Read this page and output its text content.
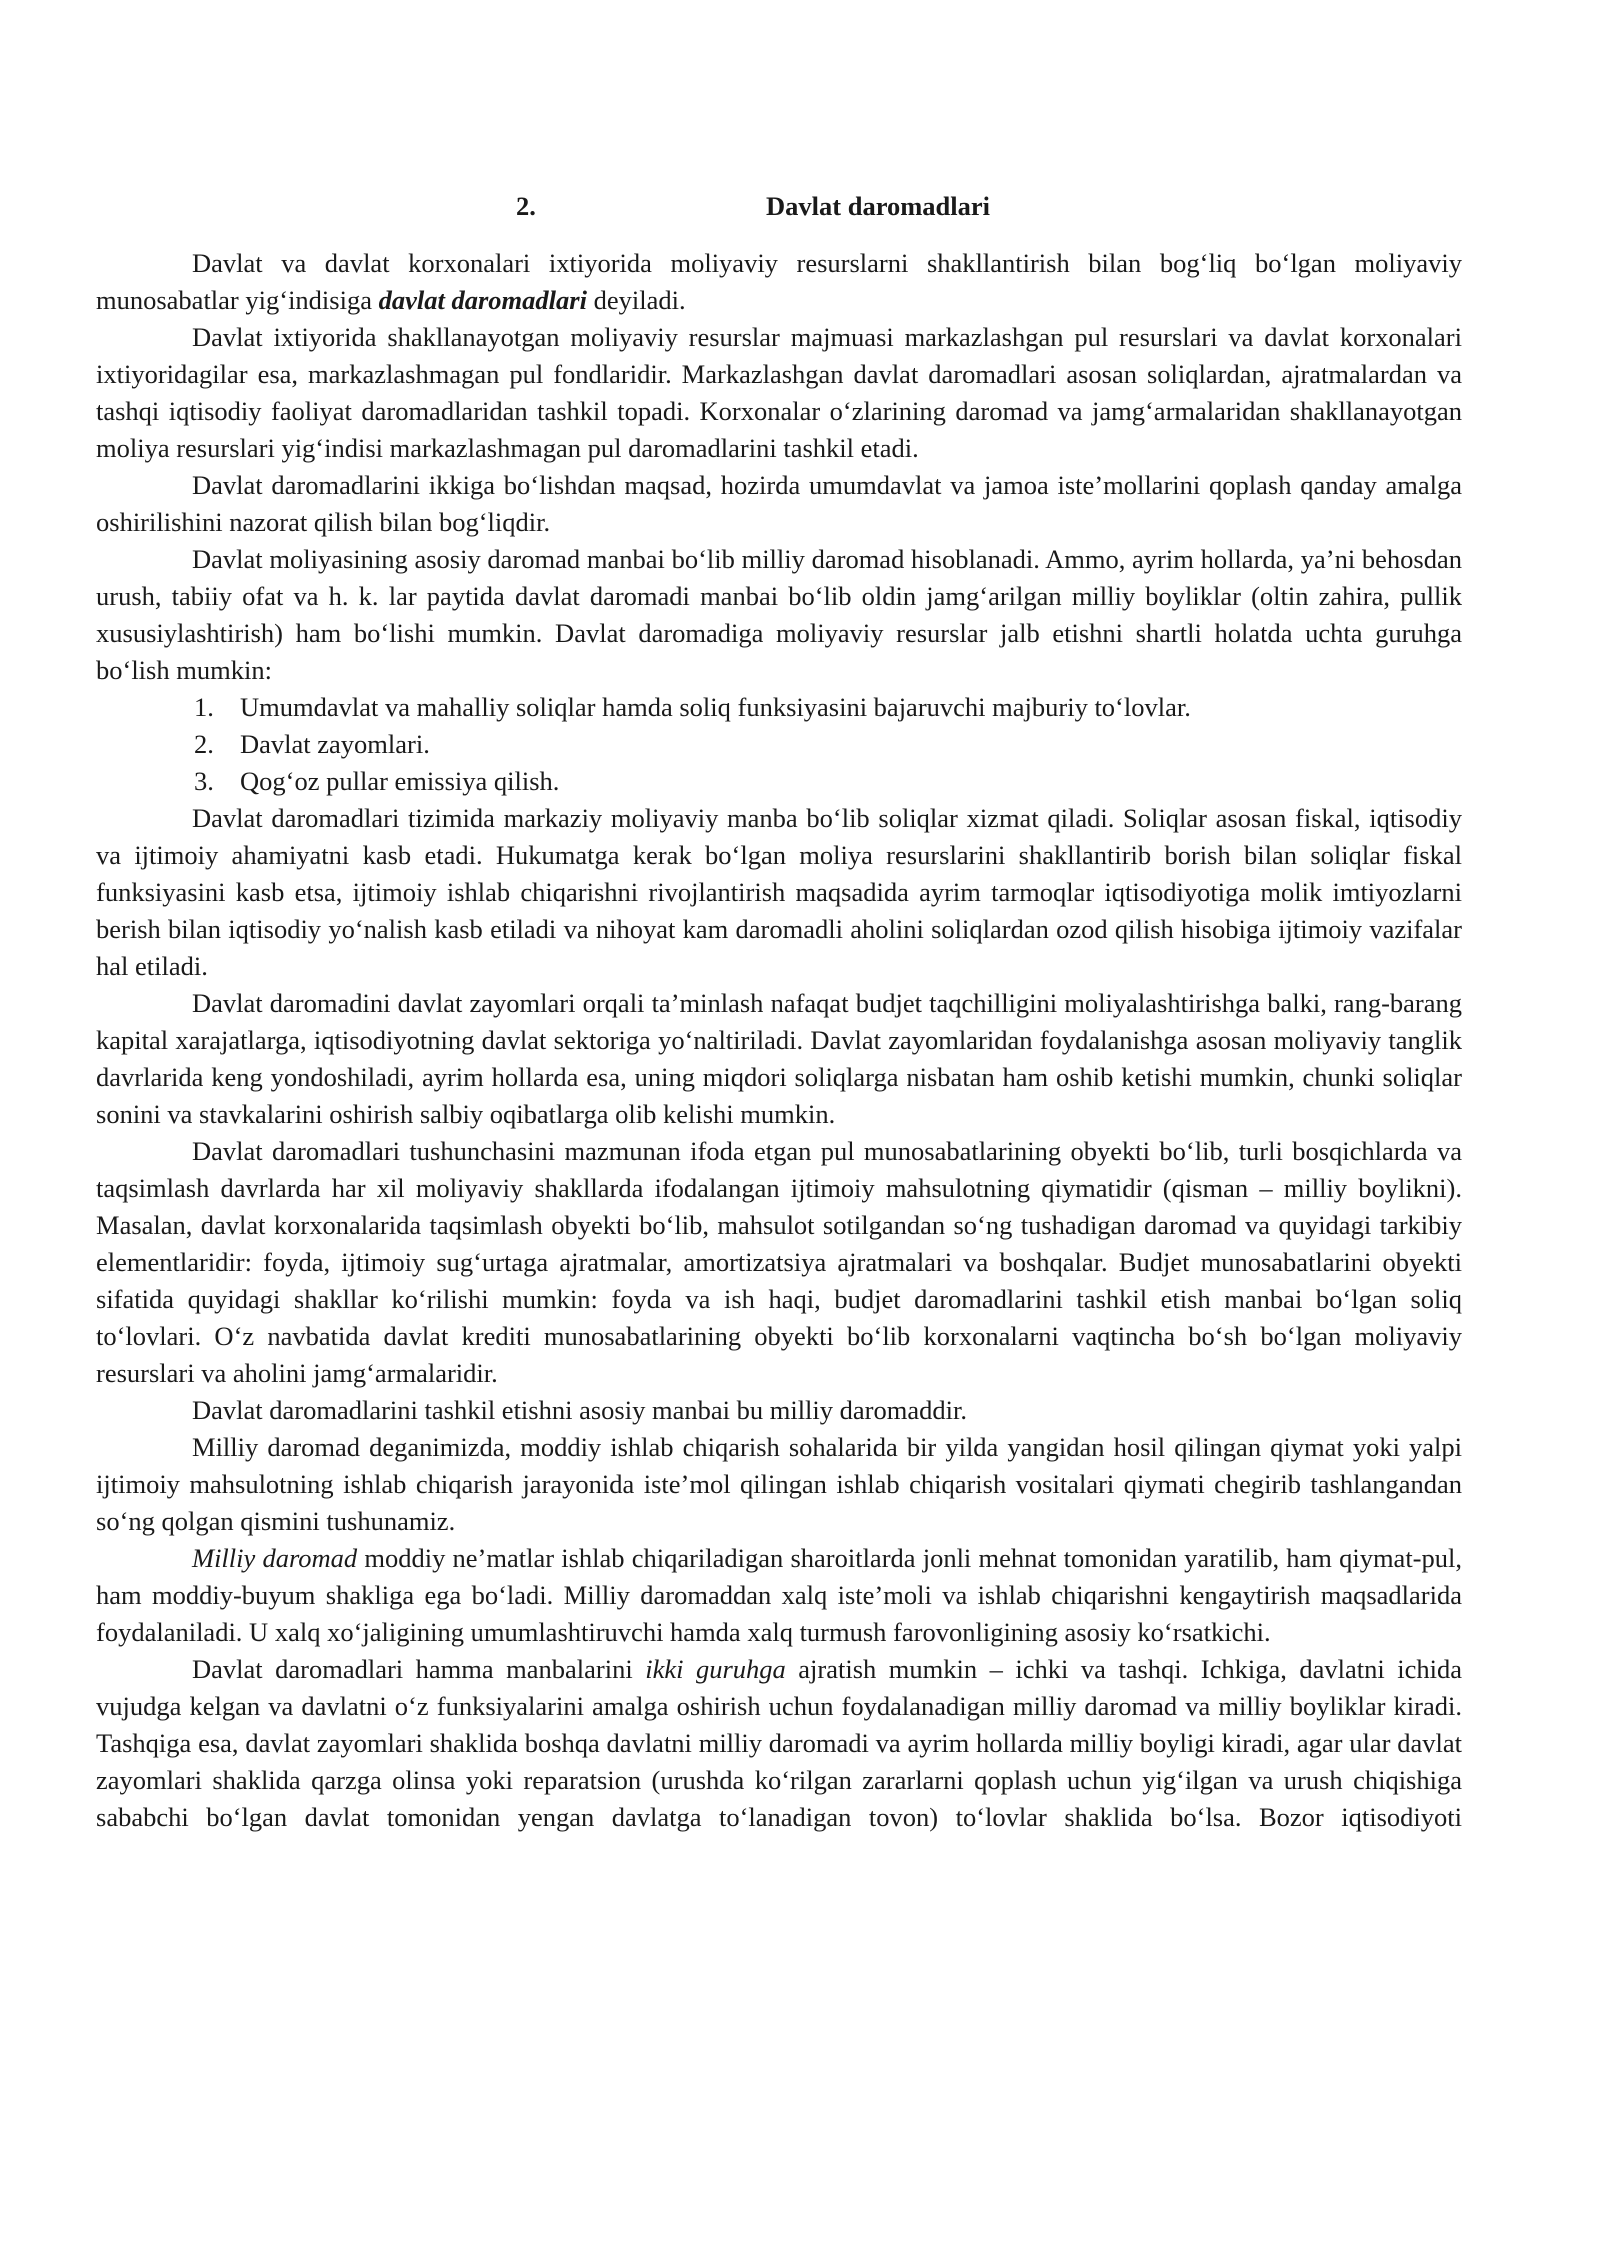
2.	Davlat daromadlari

Davlat va davlat korxonalari ixtiyorida moliyaviy resurslarni shakllantirish bilan bog‘liq bo‘lgan moliyaviy munosabatlar yig‘indisiga davlat daromadlari deyiladi.

Davlat ixtiyorida shakllanayotgan moliyaviy resurslar majmuasi markazlashgan pul resurslari va davlat korxonalari ixtiyoridagilar esa, markazlashmagan pul fondlaridir. Markazlashgan davlat daromadlari asosan soliqlardan, ajratmalardan va tashqi iqtisodiy faoliyat daromadlaridan tashkil topadi. Korxonalar o‘zlarining daromad va jamg‘armalaridan shakllanayotgan moliya resurslari yig‘indisi markazlashmagan pul daromadlarini tashkil etadi.

Davlat daromadlarini ikkiga bo‘lishdan maqsad, hozirda umumdavlat va jamoa iste’mollarini qoplash qanday amalga oshirilishini nazorat qilish bilan bog‘liqdir.

Davlat moliyasining asosiy daromad manbai bo‘lib milliy daromad hisoblanadi. Ammo, ayrim hollarda, ya’ni behosdan urush, tabiiy ofat va h. k. lar paytida davlat daromadi manbai bo‘lib oldin jamg‘arilgan milliy boyliklar (oltin zahira, pullik xususiylashtirish) ham bo‘lishi mumkin. Davlat daromadiga moliyaviy resurslar jalb etishni shartli holatda uchta guruhga bo‘lish mumkin:

1. Umumdavlat va mahalliy soliqlar hamda soliq funksiyasini bajaruvchi majburiy to‘lovlar.
2. Davlat zayomlari.
3. Qog‘oz pullar emissiya qilish.

Davlat daromadlari tizimida markaziy moliyaviy manba bo‘lib soliqlar xizmat qiladi. Soliqlar asosan fiskal, iqtisodiy va ijtimoiy ahamiyatni kasb etadi. Hukumatga kerak bo‘lgan moliya resurslarini shakllantirib borish bilan soliqlar fiskal funksiyasini kasb etsa, ijtimoiy ishlab chiqarishni rivojlantirish maqsadida ayrim tarmoqlar iqtisodiyotiga molik imtiyozlarni berish bilan iqtisodiy yo‘nalish kasb etiladi va nihoyat kam daromadli aholini soliqlardan ozod qilish hisobiga ijtimoiy vazifalar hal etiladi.

Davlat daromadini davlat zayomlari orqali ta’minlash nafaqat budjet taqchilligini moliyalashtirishga balki, rang-barang kapital xarajatlarga, iqtisodiyotning davlat sektoriga yo‘naltiriladi. Davlat zayomlaridan foydalanishga asosan moliyaviy tanglik davrlarida keng yondoshiladi, ayrim hollarda esa, uning miqdori soliqlarga nisbatan ham oshib ketishi mumkin, chunki soliqlar sonini va stavkalarini oshirish salbiy oqibatlarga olib kelishi mumkin.

Davlat daromadlari tushunchasini mazmunan ifoda etgan pul munosabatlarining obyekti bo‘lib, turli bosqichlarda va taqsimlash davrlarda har xil moliyaviy shakllarda ifodalangan ijtimoiy mahsulotning qiymatidir (qisman – milliy boylikni). Masalan, davlat korxonalarida taqsimlash obyekti bo‘lib, mahsulot sotilgandan so‘ng tushadigan daromad va quyidagi tarkibiy elementlaridir: foyda, ijtimoiy sug‘urtaga ajratmalar, amortizatsiya ajratmalari va boshqalar. Budjet munosabatlarini obyekti sifatida quyidagi shakllar ko‘rilishi mumkin: foyda va ish haqi, budjet daromadlarini tashkil etish manbai bo‘lgan soliq to‘lovlari. O‘z navbatida davlat krediti munosabatlarining obyekti bo‘lib korxonalarni vaqtincha bo‘sh bo‘lgan moliyaviy resurslari va aholini jamg‘armalaridir.

Davlat daromadlarini tashkil etishni asosiy manbai bu milliy daromaddir.

Milliy daromad deganimizda, moddiy ishlab chiqarish sohalarida bir yilda yangidan hosil qilingan qiymat yoki yalpi ijtimoiy mahsulotning ishlab chiqarish jarayonida iste’mol qilingan ishlab chiqarish vositalari qiymati chegirib tashlangandan so‘ng qolgan qismini tushunamiz.

Milliy daromad moddiy ne’matlar ishlab chiqariladigan sharoitlarda jonli mehnat tomonidan yaratilib, ham qiymat-pul, ham moddiy-buyum shakliga ega bo‘ladi. Milliy daromaddan xalq iste’moli va ishlab chiqarishni kengaytirish maqsadlarida foydalaniladi. U xalq xo‘jaligining umumlashtiruvchi hamda xalq turmush farovonligining asosiy ko‘rsatkichi.

Davlat daromadlari hamma manbalarini ikki guruhga ajratish mumkin – ichki va tashqi. Ichkiga, davlatni ichida vujudga kelgan va davlatni o‘z funksiyalarini amalga oshirish uchun foydalanadigan milliy daromad va milliy boyliklar kiradi. Tashqiga esa, davlat zayomlari shaklida boshqa davlatni milliy daromadi va ayrim hollarda milliy boyligi kiradi, agar ular davlat zayomlari shaklida qarzga olinsa yoki reparatsion (urushda ko‘rilgan zararlarni qoplash uchun yig‘ilgan va urush chiqishiga sababchi bo‘lgan davlat tomonidan yengan davlatga to‘lanadigan tovon) to‘lovlar shaklida bo‘lsa. Bozor iqtisodiyoti
